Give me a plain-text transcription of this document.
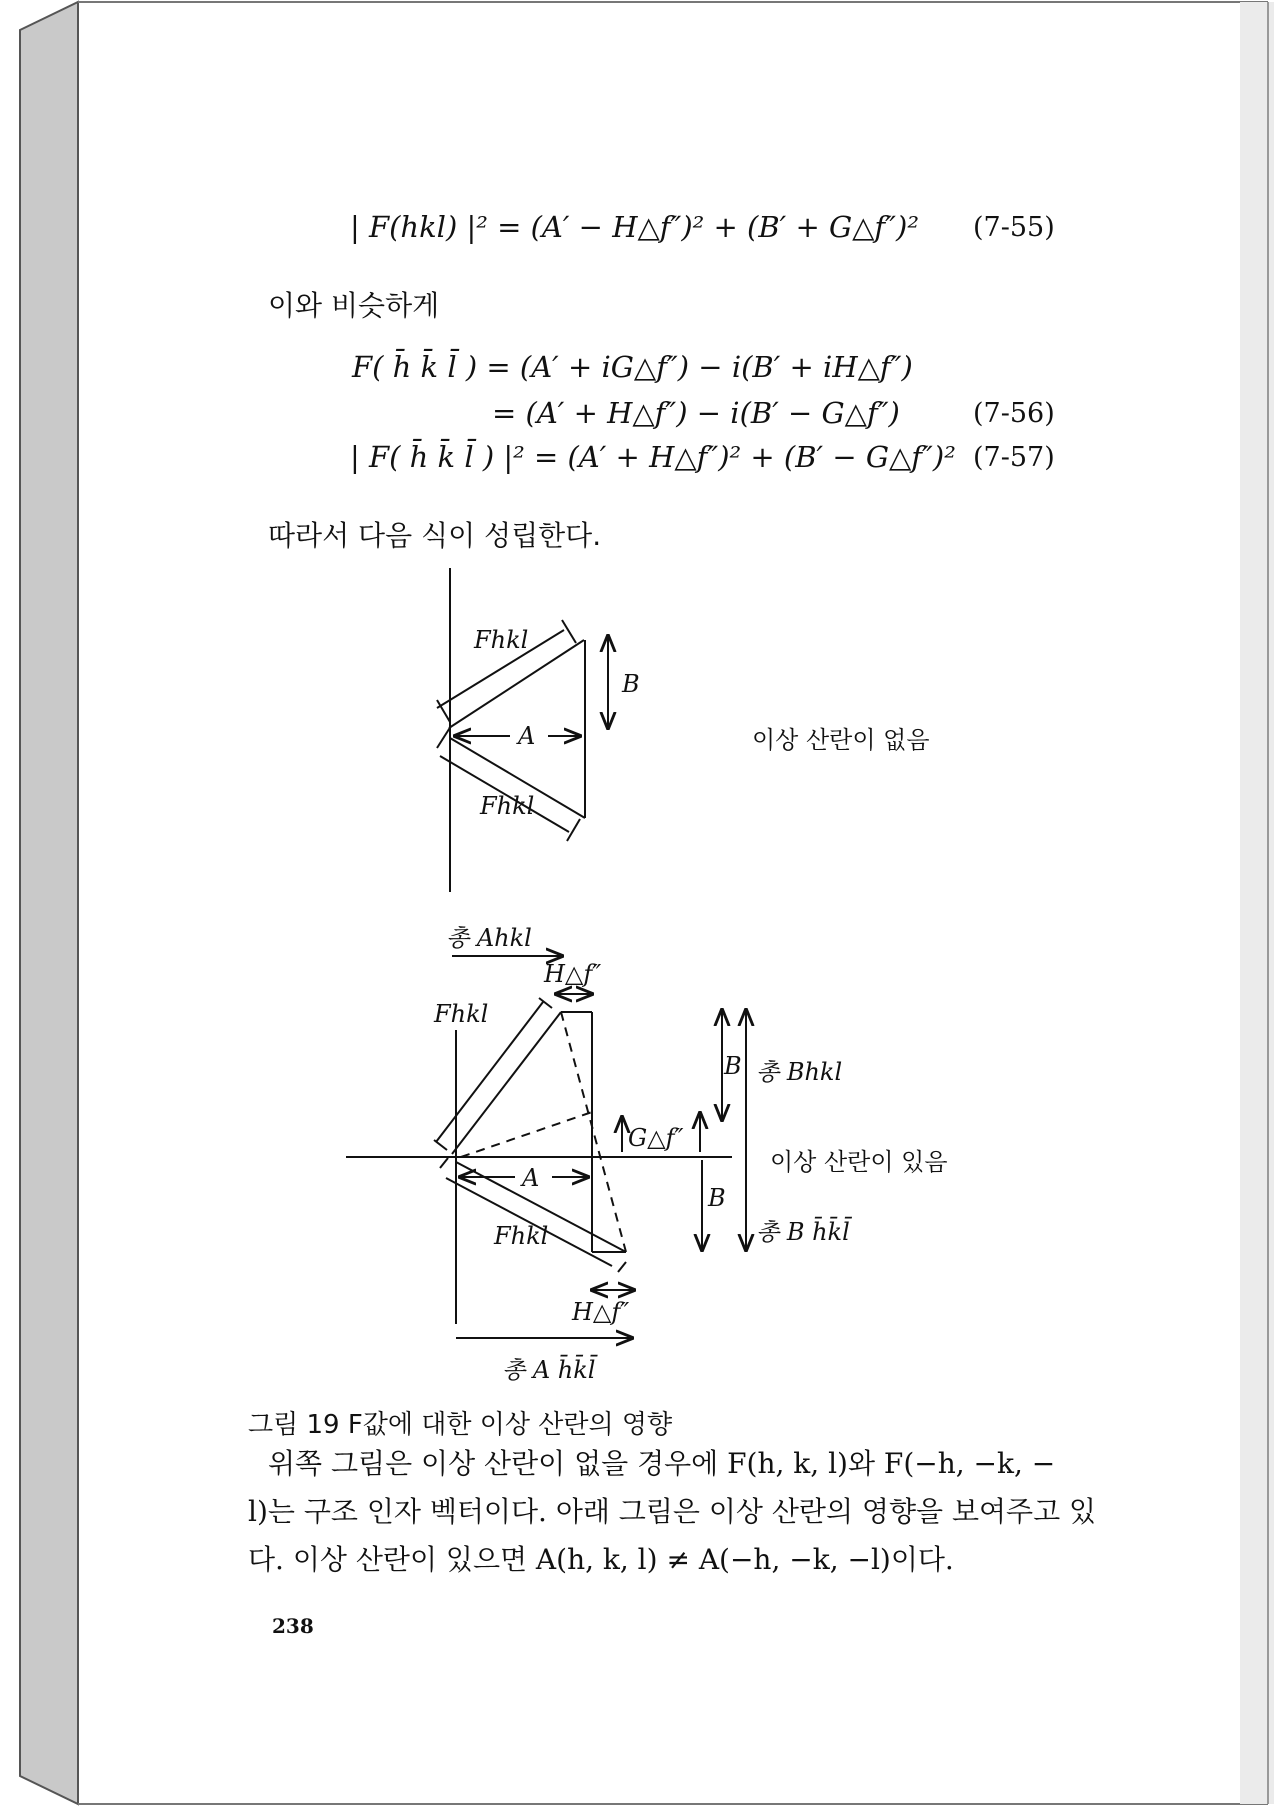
| F(hkl) |² = (A′ − H△f″)² + (B′ + G△f″)² (7-55)
이와 비슷하게
F( h̄ k̄ l̄ ) = (A′ + iG△f″) − i(B′ + iH△f″)
= (A′ + H△f″) − i(B′ − G△f″)	(7-56)
| F( h̄ k̄ l̄ ) |² = (A′ + H△f″)² + (B′ − G△f″)² (7-57)
따라서 다음 식이 성립한다.
Fhkl
B
A
Fhkl
이상 산란이 없음
총 Ahkl
H△f″
Fhkl
B 총 Bhkl
G△f″
이상 산란이 있음
A
B
총 B h̄k̄l̄
Fhkl
H△f″
총 A h̄k̄l̄
그림 19 F값에 대한 이상 산란의 영향
위쪽 그림은 이상 산란이 없을 경우에 F(h, k, l)와 F(−h, −k, −
l)는 구조 인자 벡터이다. 아래 그림은 이상 산란의 영향을 보여주고 있
다. 이상 산란이 있으면 A(h, k, l) ≠ A(−h, −k, −l)이다.
238
